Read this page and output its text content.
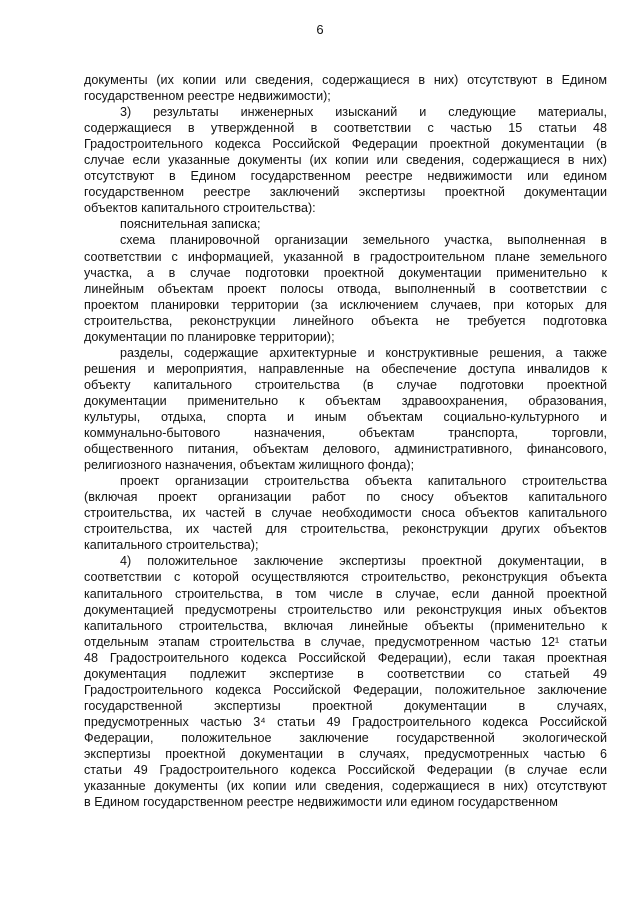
6
документы (их копии или сведения, содержащиеся в них) отсутствуют в Едином
государственном реестре недвижимости);
3) результаты инженерных изысканий и следующие материалы,
содержащиеся в утвержденной в соответствии с частью 15 статьи 48
Градостроительного кодекса Российской Федерации проектной документации (в
случае если указанные документы (их копии или сведения, содержащиеся в них)
отсутствуют в Едином государственном реестре недвижимости или едином
государственном реестре заключений экспертизы проектной документации
объектов капитального строительства):
пояснительная записка;
схема планировочной организации земельного участка, выполненная в
соответствии с информацией, указанной в градостроительном плане земельного
участка, а в случае подготовки проектной документации применительно к
линейным объектам проект полосы отвода, выполненный в соответствии с
проектом планировки территории (за исключением случаев, при которых для
строительства, реконструкции линейного объекта не требуется подготовка
документации по планировке территории);
разделы, содержащие архитектурные и конструктивные решения, а также
решения и мероприятия, направленные на обеспечение доступа инвалидов к
объекту капитального строительства (в случае подготовки проектной
документации применительно к объектам здравоохранения, образования,
культуры, отдыха, спорта и иным объектам социально-культурного и
коммунально-бытового назначения, объектам транспорта, торговли,
общественного питания, объектам делового, административного, финансового,
религиозного назначения, объектам жилищного фонда);
проект организации строительства объекта капитального строительства
(включая проект организации работ по сносу объектов капитального
строительства, их частей в случае необходимости сноса объектов капитального
строительства, их частей для строительства, реконструкции других объектов
капитального строительства);
4) положительное заключение экспертизы проектной документации, в
соответствии с которой осуществляются строительство, реконструкция объекта
капитального строительства, в том числе в случае, если данной проектной
документацией предусмотрены строительство или реконструкция иных объектов
капитального строительства, включая линейные объекты (применительно к
отдельным этапам строительства в случае, предусмотренном частью 12¹ статьи
48 Градостроительного кодекса Российской Федерации), если такая проектная
документация подлежит экспертизе в соответствии со статьей 49
Градостроительного кодекса Российской Федерации, положительное заключение
государственной экспертизы проектной документации в случаях,
предусмотренных частью 3⁴ статьи 49 Градостроительного кодекса Российской
Федерации, положительное заключение государственной экологической
экспертизы проектной документации в случаях, предусмотренных частью 6
статьи 49 Градостроительного кодекса Российской Федерации (в случае если
указанные документы (их копии или сведения, содержащиеся в них) отсутствуют
в Едином государственном реестре недвижимости или едином государственном
